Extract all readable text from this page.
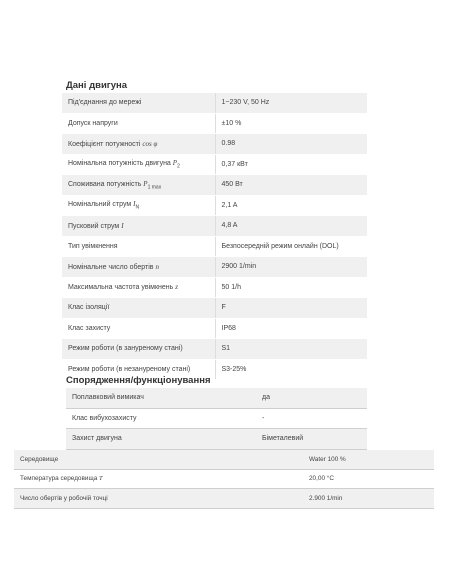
Дані двигуна
Під'єднання до мережі	1~230 V, 50 Hz
Допуск напруги	±10 %
Коефіцієнт потужності cos φ	0.98
Номінальна потужність двигуна $P_2$	0,37 кВт
Споживана потужність $P_{1 max}$	450 Вт
Номінальний струм $I_N$	2,1 A
Пусковий струм I	4,8 A
Тип увімкнення	Безпосередній режим онлайн (DOL)
Номінальне число обертів n	2900 1/min
Максимальна частота увімкнень z	50 1/h
Клас ізоляції	F
Клас захисту	IP68
Режим роботи (в зануреному стані)	S1
Режим роботи (в незануреному стані)	S3-25%
Спорядження/функціонування
Поплавковий вимикач	да
Клас вибухозахисту	-
Захист двигуна	Біметалевий
Середовище	Water 100 %
Температура середовища T	20,00 °C
Число обертів у робочій точці	2.900 1/min
